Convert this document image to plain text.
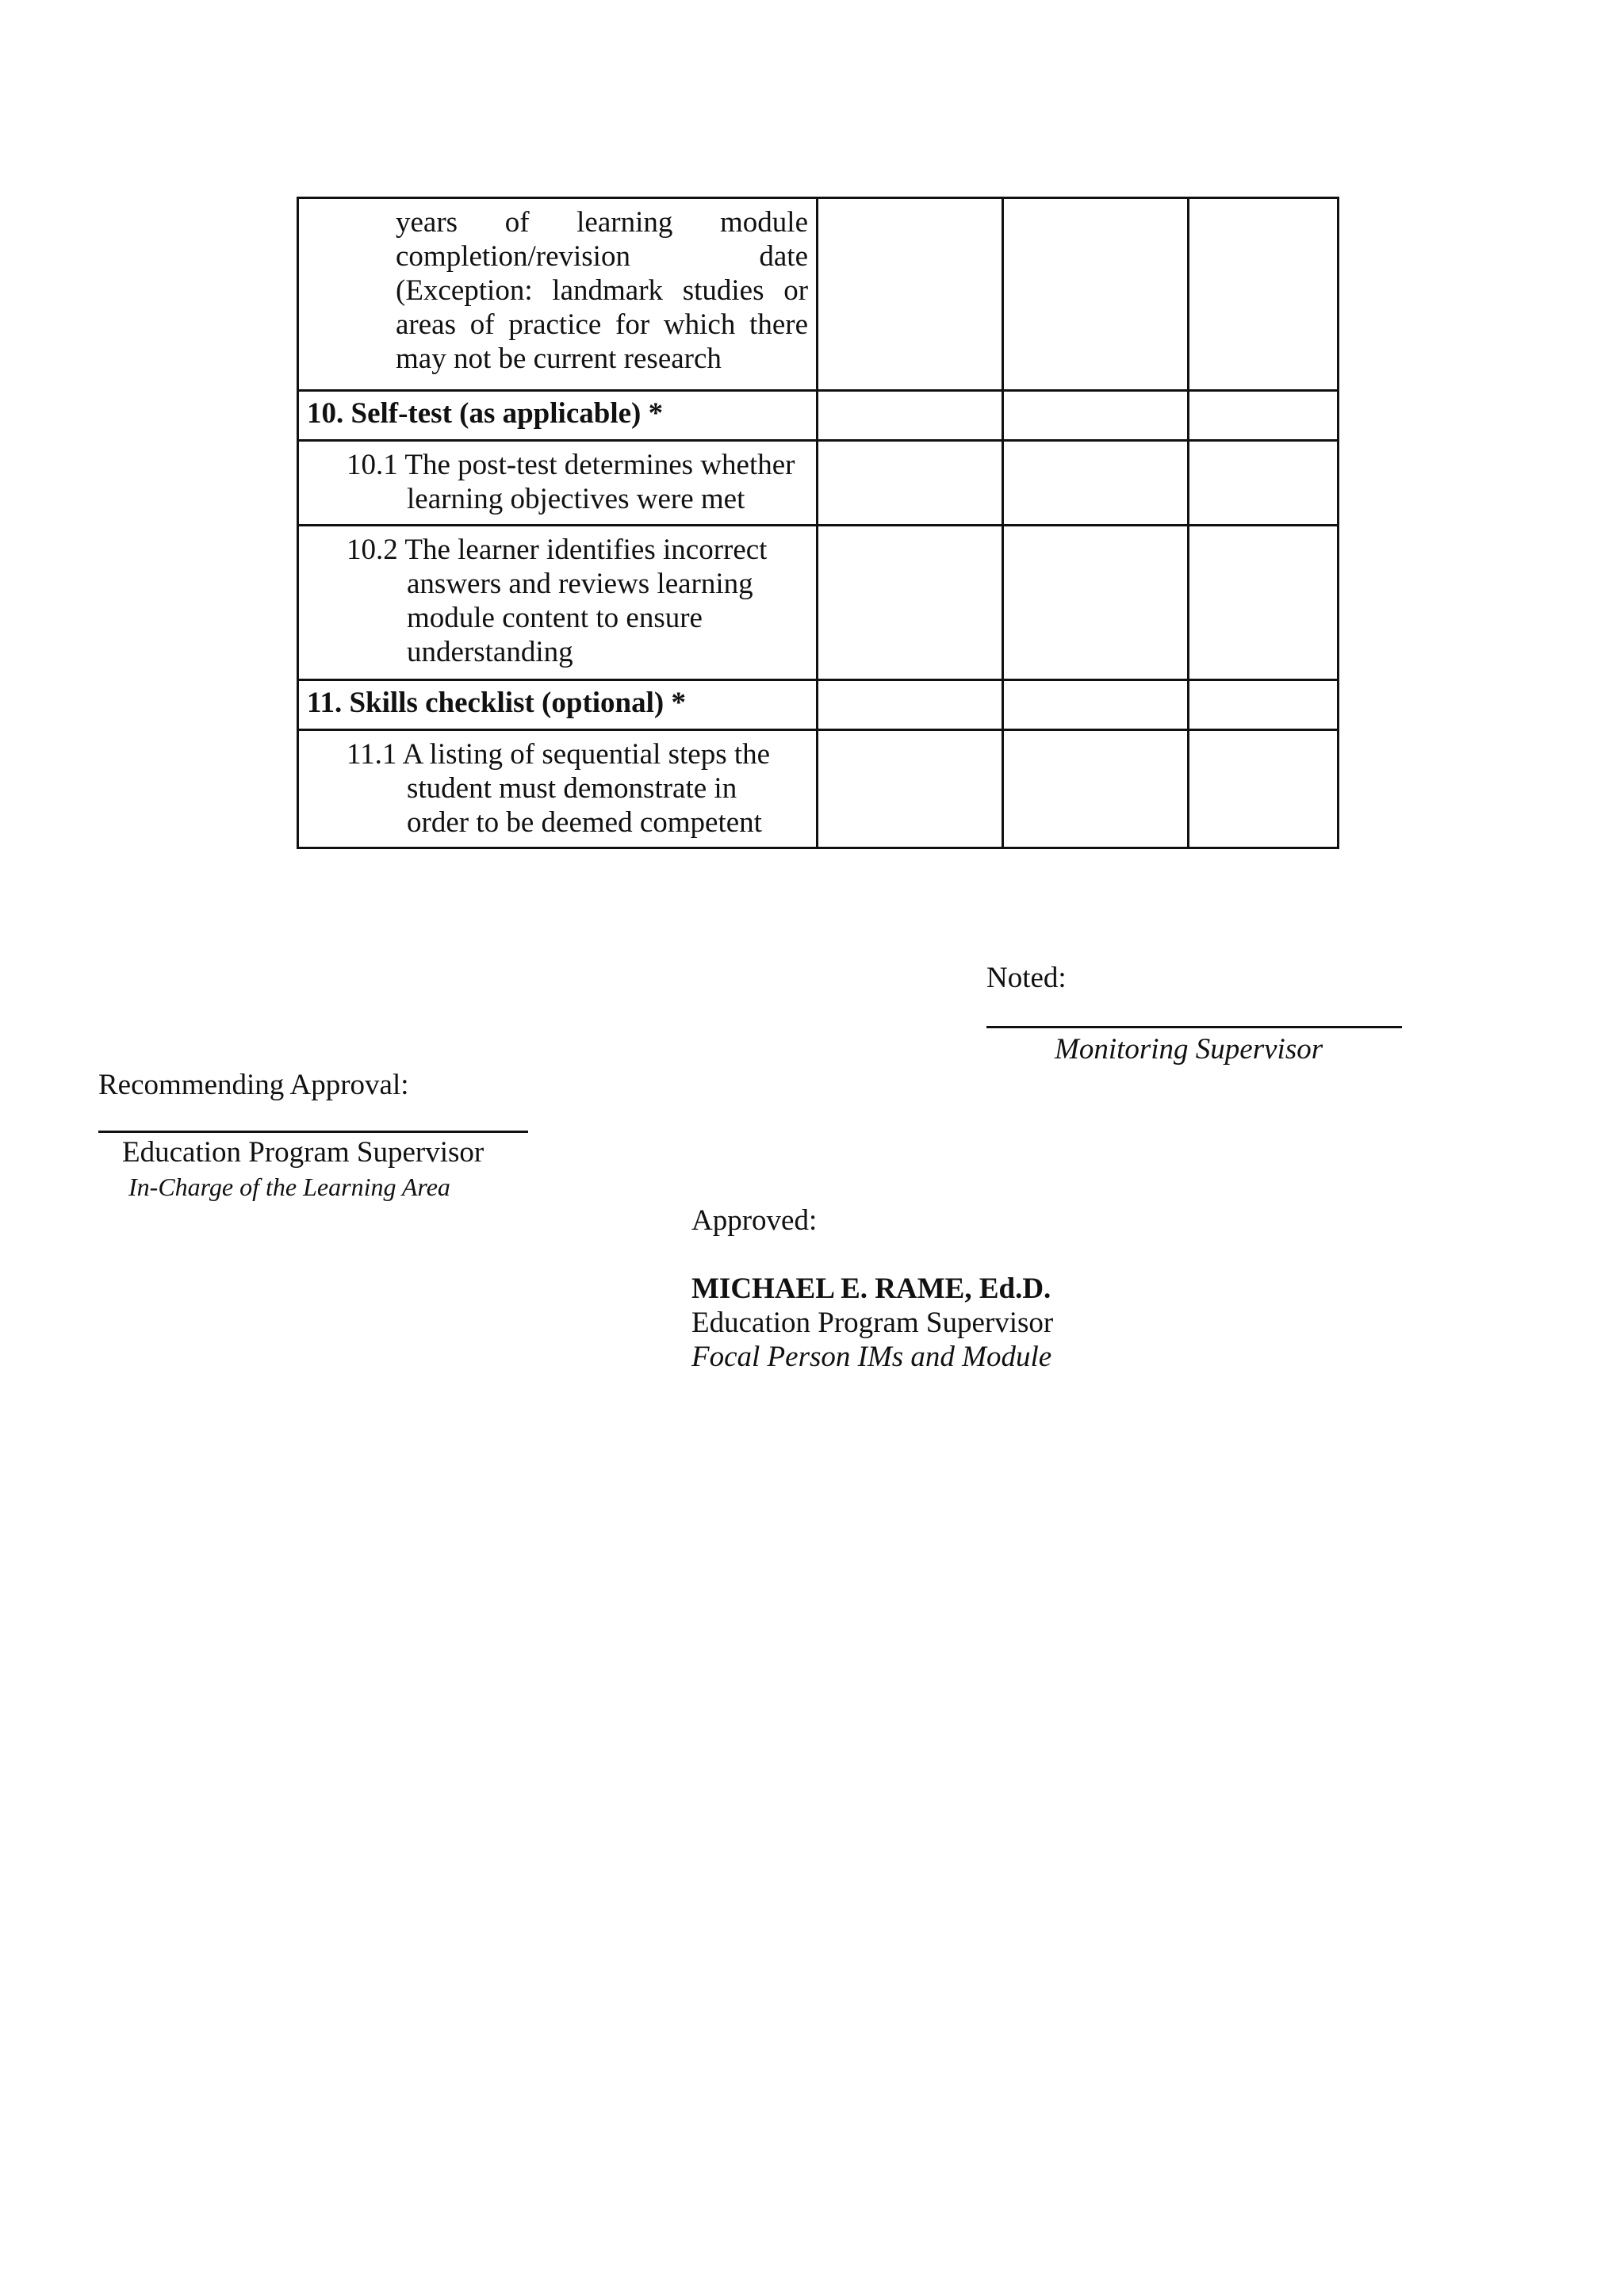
years of learning module
completion/revision date
(Exception: landmark studies or
areas of practice for which there
may not be current research			

10. Self-test (as applicable) *			

10.1 The post-test determines whether
learning objectives were met			

10.2 The learner identifies incorrect
answers and reviews learning
module content to ensure
understanding			

11. Skills checklist (optional) *			

11.1 A listing of sequential steps the
student must demonstrate in
order to be deemed competent			

Noted:
Monitoring Supervisor
Recommending Approval:
Education Program Supervisor
In-Charge of the Learning Area
Approved:
MICHAEL E. RAME, Ed.D.
Education Program Supervisor
Focal Person IMs and Module
